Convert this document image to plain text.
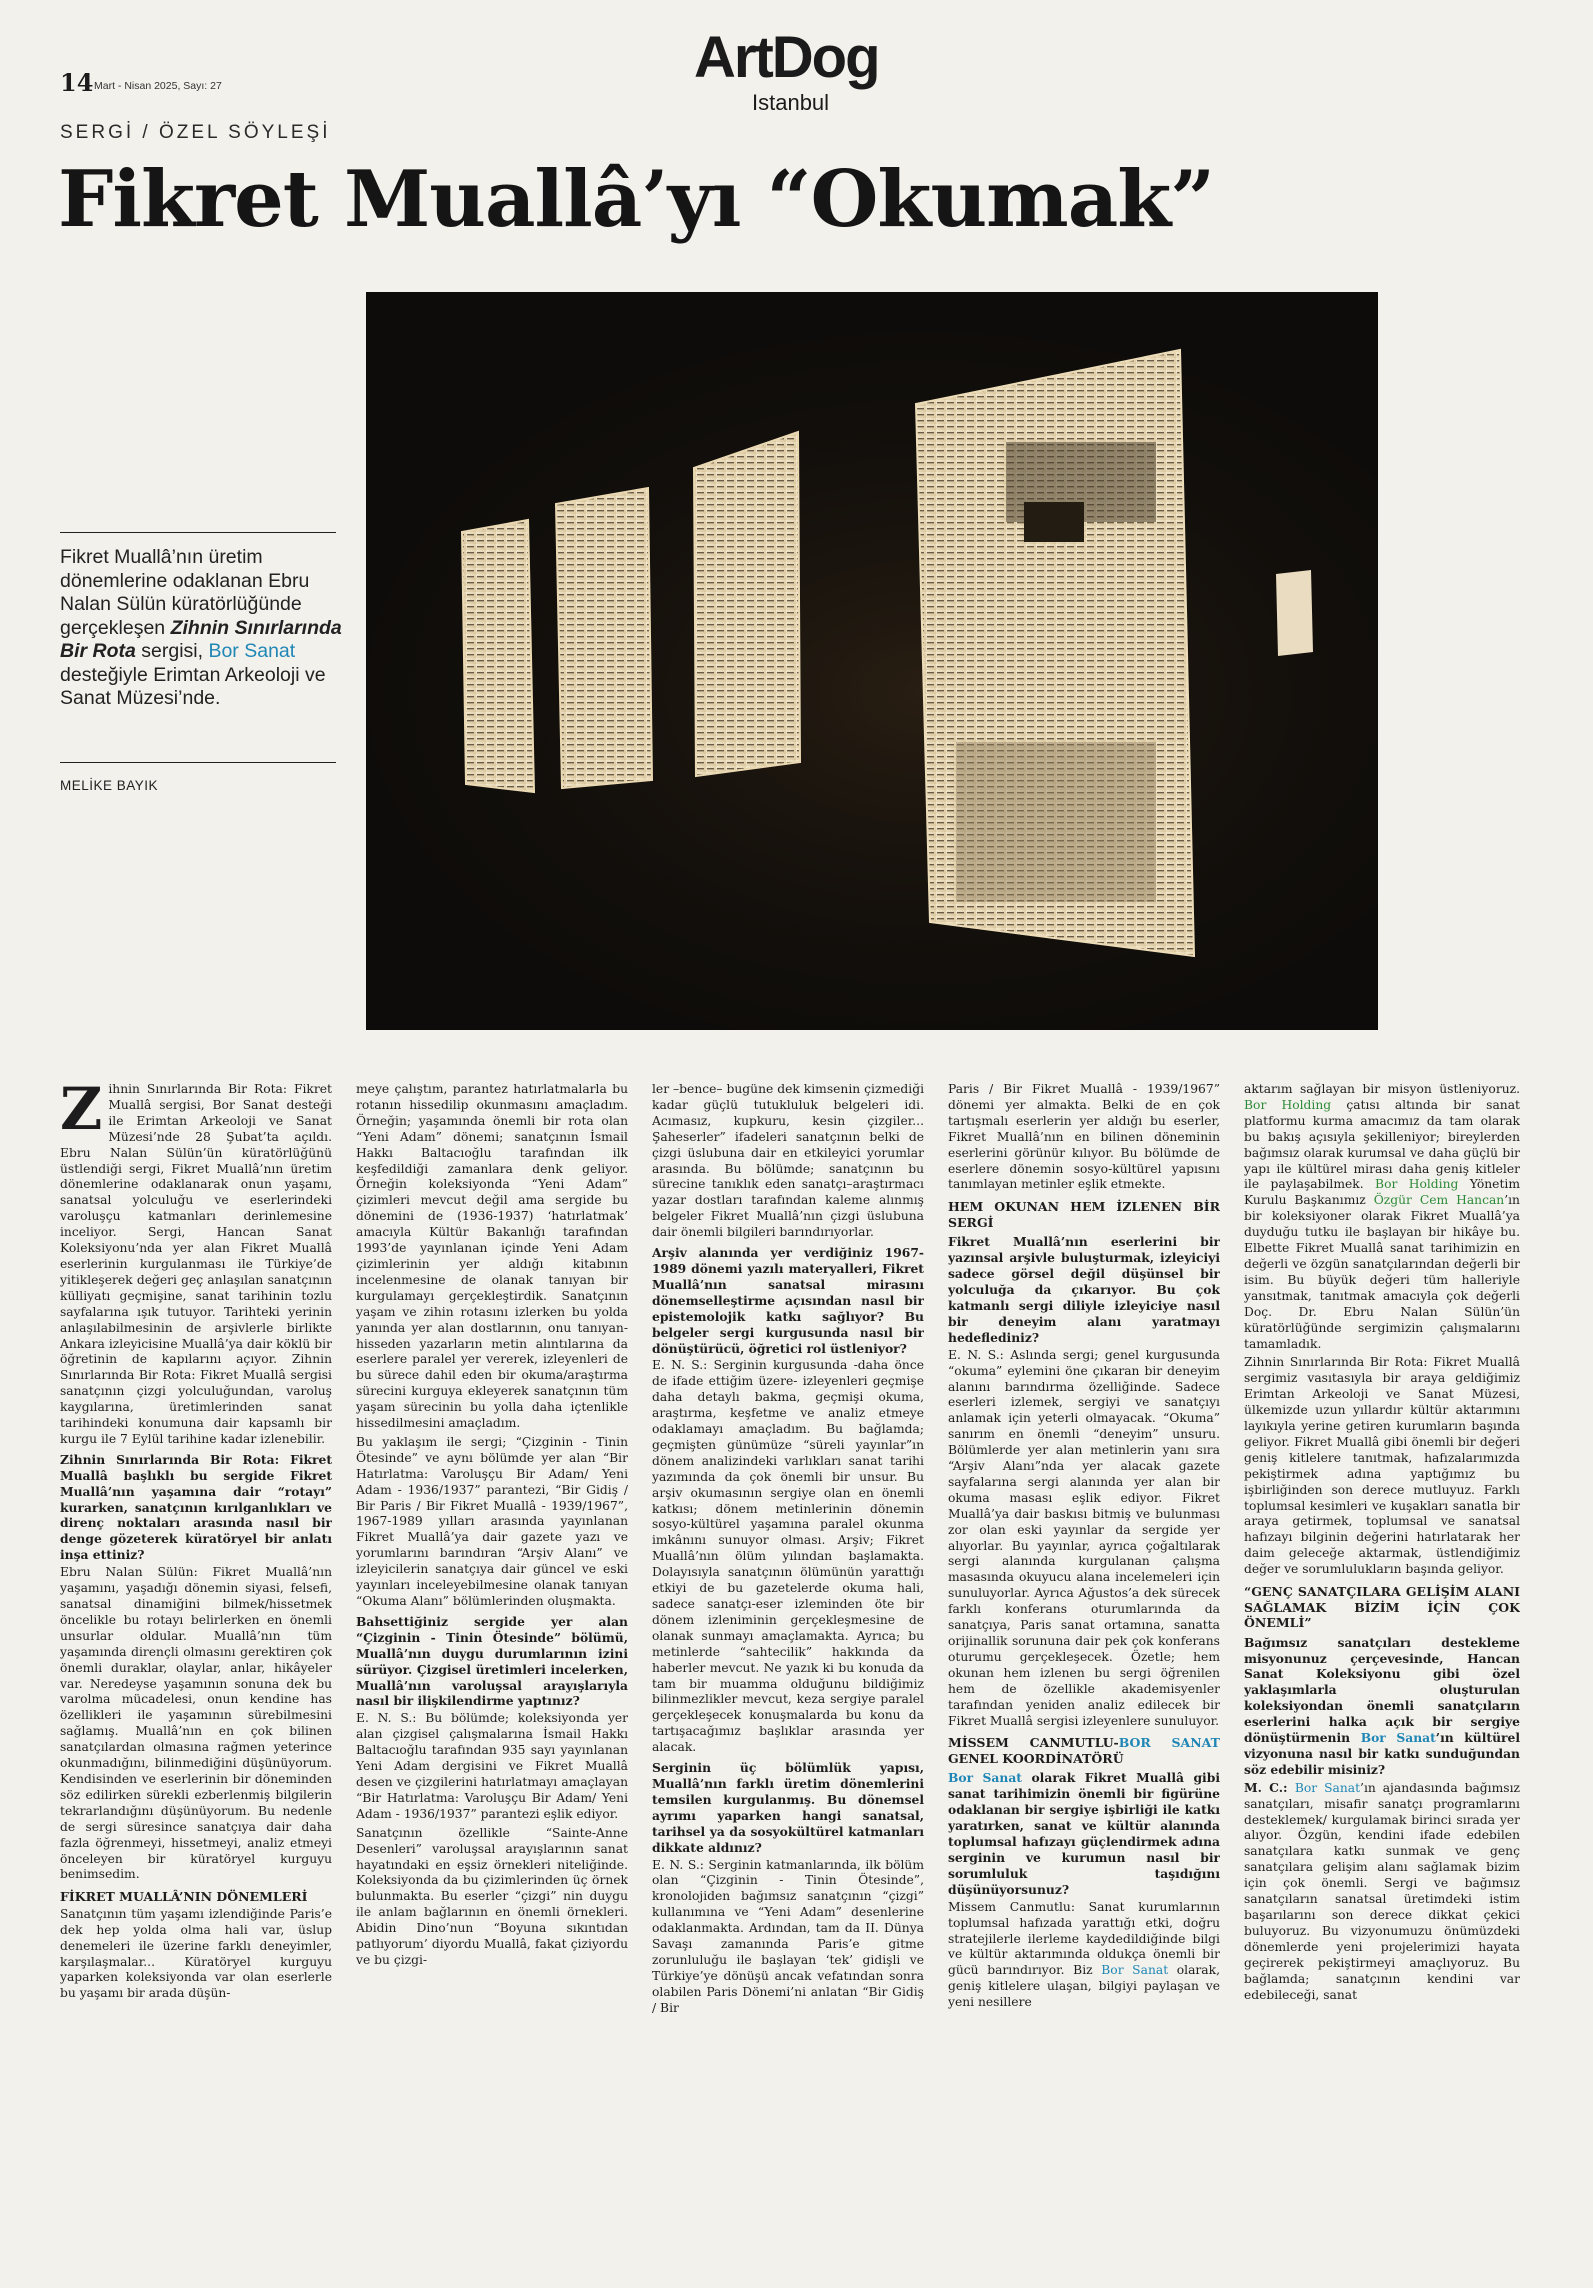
14 Mart - Nisan 2025, Sayı: 27	ArtDog
Istanbul
SERGİ / ÖZEL SÖYLEŞİ
Fikret Muallâ’yı “Okumak”
Fikret Muallâ’nın üretim dönemlerine odaklanan Ebru Nalan Sülün küratörlüğünde gerçekleşen Zihnin Sınırlarında Bir Rota sergisi, Bor Sanat desteğiyle Erimtan Arkeoloji ve Sanat Müzesi’nde.
MELİKE BAYIK

Zihnin Sınırlarında Bir Rota: Fikret Muallâ sergisi, Bor Sanat desteği ile Erimtan Arkeoloji ve Sanat Müzesi’nde 28 Şubat’ta açıldı. Ebru Nalan Sülün’ün küratörlüğünü üstlendiği sergi, Fikret Muallâ’nın üretim dönemlerine odaklanarak onun yaşamı, sanatsal yolculuğu ve eserlerindeki varoluşçu katmanları derinlemesine inceliyor. Sergi, Hancan Sanat Koleksiyonu’nda yer alan Fikret Muallâ eserlerinin kurgulanması ile Türkiye’de yitikleşerek değeri geç anlaşılan sanatçının külliyatı geçmişine, sanat tarihinin tozlu sayfalarına ışık tutuyor. Tarihteki yerinin anlaşılabilmesinin de arşivlerle birlikte Ankara izleyicisine Muallâ’ya dair köklü bir öğretinin de kapılarını açıyor. Zihnin Sınırlarında Bir Rota: Fikret Muallâ sergisi sanatçının çizgi yolculuğundan, varoluş kaygılarına, üretimlerinden sanat tarihindeki konumuna dair kapsamlı bir kurgu ile 7 Eylül tarihine kadar izlenebilir.

Zihnin Sınırlarında Bir Rota: Fikret Muallâ başlıklı bu sergide Fikret Muallâ’nın yaşamına dair “rotayı” kurarken, sanatçının kırılganlıkları ve direnç noktaları arasında nasıl bir denge gözeterek küratöryel bir anlatı inşa ettiniz?

Ebru Nalan Sülün: Fikret Muallâ’nın yaşamını, yaşadığı dönemin siyasi, felsefi, sanatsal dinamiğini bilmek/hissetmek öncelikle bu rotayı belirlerken en önemli unsurlar oldular. Muallâ’nın tüm yaşamında dirençli olmasını gerektiren çok önemli duraklar, olaylar, anlar, hikâyeler var. Neredeyse yaşamının sonuna dek bu varolma mücadelesi, onun kendine has özellikleri ile yaşamının sürebilmesini sağlamış. Muallâ’nın en çok bilinen sanatçılardan olmasına rağmen yeterince okunmadığını, bilinmediğini düşünüyorum. Kendisinden ve eserlerinin bir döneminden söz edilirken sürekli ezberlenmiş bilgilerin tekrarlandığını düşünüyorum. Bu nedenle de sergi süresince sanatçıya dair daha fazla öğrenmeyi, hissetmeyi, analiz etmeyi önceleyen bir küratöryel kurguyu benimsedim.

FİKRET MUALLÂ’NIN DÖNEMLERİ

Sanatçının tüm yaşamı izlendiğinde Paris’e dek hep yolda olma hali var, üslup denemeleri ile üzerine farklı deneyimler, karşılaşmalar... Küratöryel kurguyu yaparken koleksiyonda var olan eserlerle bu yaşamı bir arada düşün-

meye çalıştım, parantez hatırlatmalarla bu rotanın hissedilip okunmasını amaçladım. Örneğin; yaşamında önemli bir rota olan “Yeni Adam” dönemi; sanatçının İsmail Hakkı Baltacıoğlu tarafından ilk keşfedildiği zamanlara denk geliyor. Örneğin koleksiyonda “Yeni Adam” çizimleri mevcut değil ama sergide bu dönemini de (1936-1937) ‘hatırlatmak’ amacıyla Kültür Bakanlığı tarafından 1993’de yayınlanan içinde Yeni Adam çizimlerinin yer aldığı kitabının incelenmesine de olanak tanıyan bir kurgulamayı gerçekleştirdik. Sanatçının yaşam ve zihin rotasını izlerken bu yolda yanında yer alan dostlarının, onu tanıyan-hisseden yazarların metin alıntılarına da eserlere paralel yer vererek, izleyenleri de bu sürece dahil eden bir okuma/araştırma sürecini kurguya ekleyerek sanatçının tüm yaşam sürecinin bu yolla daha içtenlikle hissedilmesini amaçladım.

Bu yaklaşım ile sergi; “Çizginin - Tinin Ötesinde” ve aynı bölümde yer alan “Bir Hatırlatma: Varoluşçu Bir Adam/ Yeni Adam - 1936/1937” parantezi, “Bir Gidiş / Bir Paris / Bir Fikret Muallâ - 1939/1967”, 1967-1989 yılları arasında yayınlanan Fikret Muallâ’ya dair gazete yazı ve yorumlarını barındıran “Arşiv Alanı” ve izleyicilerin sanatçıya dair güncel ve eski yayınları inceleyebilmesine olanak tanıyan “Okuma Alanı” bölümlerinden oluşmakta.

Bahsettiğiniz sergide yer alan “Çizginin - Tinin Ötesinde” bölümü, Muallâ’nın duygu durumlarının izini sürüyor. Çizgisel üretimleri incelerken, Muallâ’nın varoluşsal arayışlarıyla nasıl bir ilişkilendirme yaptınız?

E. N. S.: Bu bölümde; koleksiyonda yer alan çizgisel çalışmalarına İsmail Hakkı Baltacıoğlu tarafından 935 sayı yayınlanan Yeni Adam dergisini ve Fikret Muallâ desen ve çizgilerini hatırlatmayı amaçlayan “Bir Hatırlatma: Varoluşçu Bir Adam/ Yeni Adam - 1936/1937” parantezi eşlik ediyor.

Sanatçının özellikle “Sainte-Anne Desenleri” varoluşsal arayışlarının sanat hayatındaki en eşsiz örnekleri niteliğinde. Koleksiyonda da bu çizimlerinden üç örnek bulunmakta. Bu eserler “çizgi” nin duygu ile anlam bağlarının en önemli örnekleri. Abidin Dino’nun “Boyuna sıkıntıdan patlıyorum’ diyordu Muallâ, fakat çiziyordu ve bu çizgi-

ler –bence– bugüne dek kimsenin çizmediği kadar güçlü tutukluluk belgeleri idi. Acımasız, kupkuru, kesin çizgiler... Şaheserler” ifadeleri sanatçının belki de çizgi üslubuna dair en etkileyici yorumlar arasında. Bu bölümde; sanatçının bu sürecine tanıklık eden sanatçı–araştırmacı yazar dostları tarafından kaleme alınmış belgeler Fikret Muallâ’nın çizgi üslubuna dair önemli bilgileri barındırıyorlar.

Arşiv alanında yer verdiğiniz 1967-1989 dönemi yazılı materyalleri, Fikret Muallâ’nın sanatsal mirasını dönemselleştirme açısından nasıl bir epistemolojik katkı sağlıyor? Bu belgeler sergi kurgusunda nasıl bir dönüştürücü, öğretici rol üstleniyor?

E. N. S.: Serginin kurgusunda -daha önce de ifade ettiğim üzere- izleyenleri geçmişe daha detaylı bakma, geçmişi okuma, araştırma, keşfetme ve analiz etmeye odaklamayı amaçladım. Bu bağlamda; geçmişten günümüze “süreli yayınlar”ın dönem analizindeki varlıkları sanat tarihi yazımında da çok önemli bir unsur. Bu arşiv okumasının sergiye olan en önemli katkısı; dönem metinlerinin dönemin sosyo-kültürel yaşamına paralel okunma imkânını sunuyor olması. Arşiv; Fikret Muallâ’nın ölüm yılından başlamakta. Dolayısıyla sanatçının ölümünün yarattığı etkiyi de bu gazetelerde okuma hali, sadece sanatçı-eser izleminden öte bir dönem izleniminin gerçekleşmesine de olanak sunmayı amaçlamakta. Ayrıca; bu metinlerde “sahtecilik” hakkında da haberler mevcut. Ne yazık ki bu konuda da tam bir muamma olduğunu bildiğimiz bilinmezlikler mevcut, keza sergiye paralel gerçekleşecek konuşmalarda bu konu da tartışacağımız başlıklar arasında yer alacak.

Serginin üç bölümlük yapısı, Muallâ’nın farklı üretim dönemlerini temsilen kurgulanmış. Bu dönemsel ayrımı yaparken hangi sanatsal, tarihsel ya da sosyokültürel katmanları dikkate aldınız?

E. N. S.: Serginin katmanlarında, ilk bölüm olan “Çizginin - Tinin Ötesinde”, kronolojiden bağımsız sanatçının “çizgi” kullanımına ve “Yeni Adam” desenlerine odaklanmakta. Ardından, tam da II. Dünya Savaşı zamanında Paris’e gitme zorunluluğu ile başlayan ‘tek’ gidişli ve Türkiye’ye dönüşü ancak vefatından sonra olabilen Paris Dönemi’ni anlatan “Bir Gidiş / Bir

Paris / Bir Fikret Muallâ - 1939/1967” dönemi yer almakta. Belki de en çok tartışmalı eserlerin yer aldığı bu eserler, Fikret Muallâ’nın en bilinen döneminin eserlerini görünür kılıyor. Bu bölümde de eserlere dönemin sosyo-kültürel yapısını tanımlayan metinler eşlik etmekte.

HEM OKUNAN HEM İZLENEN BİR SERGİ

Fikret Muallâ’nın eserlerini bir yazınsal arşivle buluşturmak, izleyiciyi sadece görsel değil düşünsel bir yolculuğa da çıkarıyor. Bu çok katmanlı sergi diliyle izleyiciye nasıl bir deneyim alanı yaratmayı hedeflediniz?

E. N. S.: Aslında sergi; genel kurgusunda “okuma” eylemini öne çıkaran bir deneyim alanını barındırma özelliğinde. Sadece eserleri izlemek, sergiyi ve sanatçıyı anlamak için yeterli olmayacak. “Okuma” sanırım en önemli “deneyim” unsuru. Bölümlerde yer alan metinlerin yanı sıra “Arşiv Alanı”nda yer alacak gazete sayfalarına sergi alanında yer alan bir okuma masası eşlik ediyor. Fikret Muallâ’ya dair baskısı bitmiş ve bulunması zor olan eski yayınlar da sergide yer alıyorlar. Bu yayınlar, ayrıca çoğaltılarak sergi alanında kurgulanan çalışma masasında okuyucu alana incelemeleri için sunuluyorlar. Ayrıca Ağustos’a dek sürecek farklı konferans oturumlarında da sanatçıya, Paris sanat ortamına, sanatta orijinallik sorununa dair pek çok konferans oturumu gerçekleşecek. Özetle; hem okunan hem izlenen bu sergi öğrenilen hem de özellikle akademisyenler tarafından yeniden analiz edilecek bir Fikret Muallâ sergisi izleyenlere sunuluyor.

MİSSEM CANMUTLU-BOR SANAT GENEL KOORDİNATÖRÜ

Bor Sanat olarak Fikret Muallâ gibi sanat tarihimizin önemli bir figürüne odaklanan bir sergiye işbirliği ile katkı yaratırken, sanat ve kültür alanında toplumsal hafızayı güçlendirmek adına serginin ve kurumun nasıl bir sorumluluk taşıdığını düşünüyorsunuz?

Missem Canmutlu: Sanat kurumlarının toplumsal hafızada yarattığı etki, doğru stratejilerle ilerleme kaydedildiğinde bilgi ve kültür aktarımında oldukça önemli bir gücü barındırıyor. Biz Bor Sanat olarak, geniş kitlelere ulaşan, bilgiyi paylaşan ve yeni nesillere

aktarım sağlayan bir misyon üstleniyoruz. Bor Holding çatısı altında bir sanat platformu kurma amacımız da tam olarak bu bakış açısıyla şekilleniyor; bireylerden bağımsız olarak kurumsal ve daha güçlü bir yapı ile kültürel mirası daha geniş kitleler ile paylaşabilmek. Bor Holding Yönetim Kurulu Başkanımız Özgür Cem Hancan’ın bir koleksiyoner olarak Fikret Muallâ’ya duyduğu tutku ile başlayan bir hikâye bu. Elbette Fikret Muallâ sanat tarihimizin en değerli ve özgün sanatçılarından değerli bir isim. Bu büyük değeri tüm halleriyle yansıtmak, tanıtmak amacıyla çok değerli Doç. Dr. Ebru Nalan Sülün’ün küratörlüğünde sergimizin çalışmalarını tamamladık.

Zihnin Sınırlarında Bir Rota: Fikret Muallâ sergimiz vasıtasıyla bir araya geldiğimiz Erimtan Arkeoloji ve Sanat Müzesi, ülkemizde uzun yıllardır kültür aktarımını layıkıyla yerine getiren kurumların başında geliyor. Fikret Muallâ gibi önemli bir değeri geniş kitlelere tanıtmak, hafızalarımızda pekiştirmek adına yaptığımız bu işbirliğinden son derece mutluyuz. Farklı toplumsal kesimleri ve kuşakları sanatla bir araya getirmek, toplumsal ve sanatsal hafızayı bilginin değerini hatırlatarak her daim geleceğe aktarmak, üstlendiğimiz değer ve sorumlulukların başında geliyor.

“GENÇ SANATÇILARA GELİŞİM ALANI SAĞLAMAK BİZİM İÇİN ÇOK ÖNEMLİ”

Bağımsız sanatçıları destekleme misyonunuz çerçevesinde, Hancan Sanat Koleksiyonu gibi özel yaklaşımlarla oluşturulan koleksiyondan önemli sanatçıların eserlerini halka açık bir sergiye dönüştürmenin Bor Sanat’ın kültürel vizyonuna nasıl bir katkı sunduğundan söz edebilir misiniz?

M. C.: Bor Sanat’ın ajandasında bağımsız sanatçıları, misafir sanatçı programlarını desteklemek/ kurgulamak birinci sırada yer alıyor. Özgün, kendini ifade edebilen sanatçılara katkı sunmak ve genç sanatçılara gelişim alanı sağlamak bizim için çok önemli. Sergi ve bağımsız sanatçıların sanatsal üretimdeki istim başarılarını son derece dikkat çekici buluyoruz. Bu vizyonumuzu önümüzdeki dönemlerde yeni projelerimizi hayata geçirerek pekiştirmeyi amaçlıyoruz. Bu bağlamda; sanatçının kendini var edebileceği, sanat
